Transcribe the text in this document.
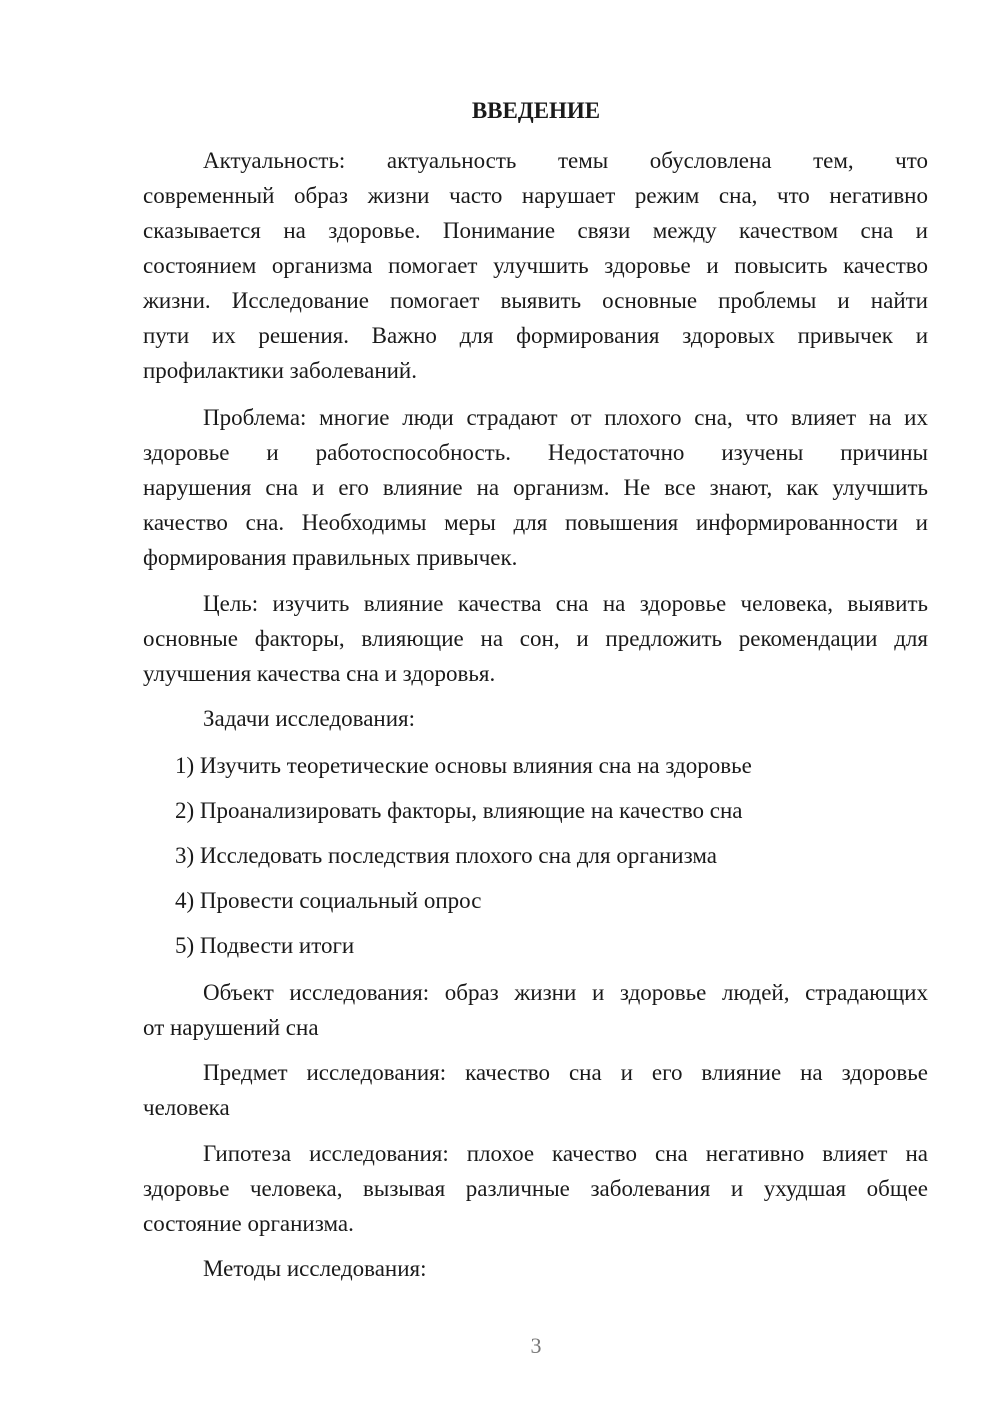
ВВЕДЕНИЕ
Актуальность: актуальность темы обусловлена тем, что
современный образ жизни часто нарушает режим сна, что негативно
сказывается на здоровье. Понимание связи между качеством сна и
состоянием организма помогает улучшить здоровье и повысить качество
жизни. Исследование помогает выявить основные проблемы и найти
пути их решения. Важно для формирования здоровых привычек и
профилактики заболеваний.
Проблема: многие люди страдают от плохого сна, что влияет на их
здоровье и работоспособность. Недостаточно изучены причины
нарушения сна и его влияние на организм. Не все знают, как улучшить
качество сна. Необходимы меры для повышения информированности и
формирования правильных привычек.
Цель: изучить влияние качества сна на здоровье человека, выявить
основные факторы, влияющие на сон, и предложить рекомендации для
улучшения качества сна и здоровья.
Задачи исследования:
1) Изучить теоретические основы влияния сна на здоровье
2) Проанализировать факторы, влияющие на качество сна
3) Исследовать последствия плохого сна для организма
4) Провести социальный опрос
5) Подвести итоги
Объект исследования: образ жизни и здоровье людей, страдающих
от нарушений сна
Предмет исследования: качество сна и его влияние на здоровье
человека
Гипотеза исследования: плохое качество сна негативно влияет на
здоровье человека, вызывая различные заболевания и ухудшая общее
состояние организма.
Методы исследования:
3
